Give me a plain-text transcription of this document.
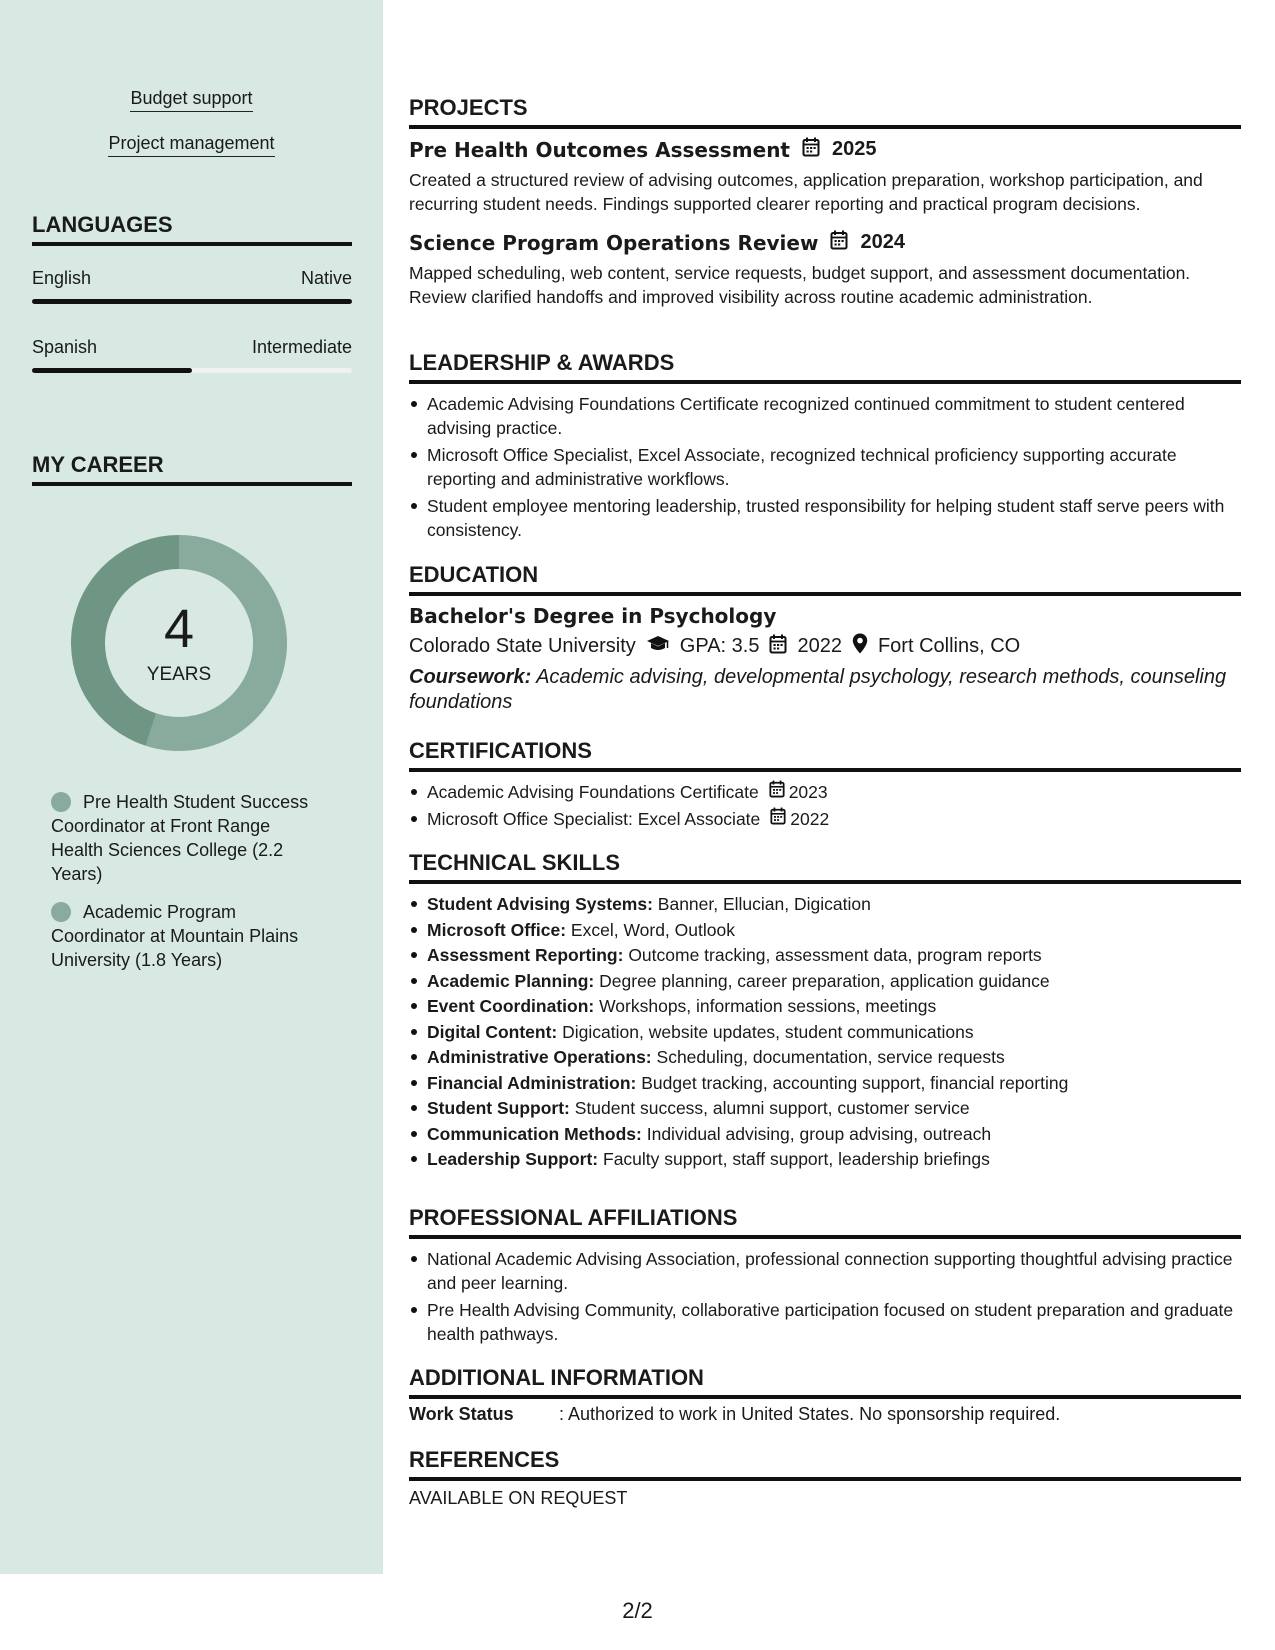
Budget support
Project management
LANGUAGES
English	Native
Spanish	Intermediate
MY CAREER
4
YEARS
Pre Health Student Success Coordinator at Front Range Health Sciences College (2.2 Years)
Academic Program Coordinator at Mountain Plains University (1.8 Years)
PROJECTS
Pre Health Outcomes Assessment 2025
Created a structured review of advising outcomes, application preparation, workshop participation, and recurring student needs. Findings supported clearer reporting and practical program decisions.
Science Program Operations Review 2024
Mapped scheduling, web content, service requests, budget support, and assessment documentation. Review clarified handoffs and improved visibility across routine academic administration.
LEADERSHIP & AWARDS
Academic Advising Foundations Certificate recognized continued commitment to student centered advising practice.
Microsoft Office Specialist, Excel Associate, recognized technical proficiency supporting accurate reporting and administrative workflows.
Student employee mentoring leadership, trusted responsibility for helping student staff serve peers with consistency.
EDUCATION
Bachelor's Degree in Psychology
Colorado State University GPA: 3.5 2022 Fort Collins, CO
Coursework: Academic advising, developmental psychology, research methods, counseling foundations
CERTIFICATIONS
Academic Advising Foundations Certificate 2023
Microsoft Office Specialist: Excel Associate 2022
TECHNICAL SKILLS
Student Advising Systems: Banner, Ellucian, Digication
Microsoft Office: Excel, Word, Outlook
Assessment Reporting: Outcome tracking, assessment data, program reports
Academic Planning: Degree planning, career preparation, application guidance
Event Coordination: Workshops, information sessions, meetings
Digital Content: Digication, website updates, student communications
Administrative Operations: Scheduling, documentation, service requests
Financial Administration: Budget tracking, accounting support, financial reporting
Student Support: Student success, alumni support, customer service
Communication Methods: Individual advising, group advising, outreach
Leadership Support: Faculty support, staff support, leadership briefings
PROFESSIONAL AFFILIATIONS
National Academic Advising Association, professional connection supporting thoughtful advising practice and peer learning.
Pre Health Advising Community, collaborative participation focused on student preparation and graduate health pathways.
ADDITIONAL INFORMATION
Work Status	: Authorized to work in United States. No sponsorship required.
REFERENCES
AVAILABLE ON REQUEST
2/2
